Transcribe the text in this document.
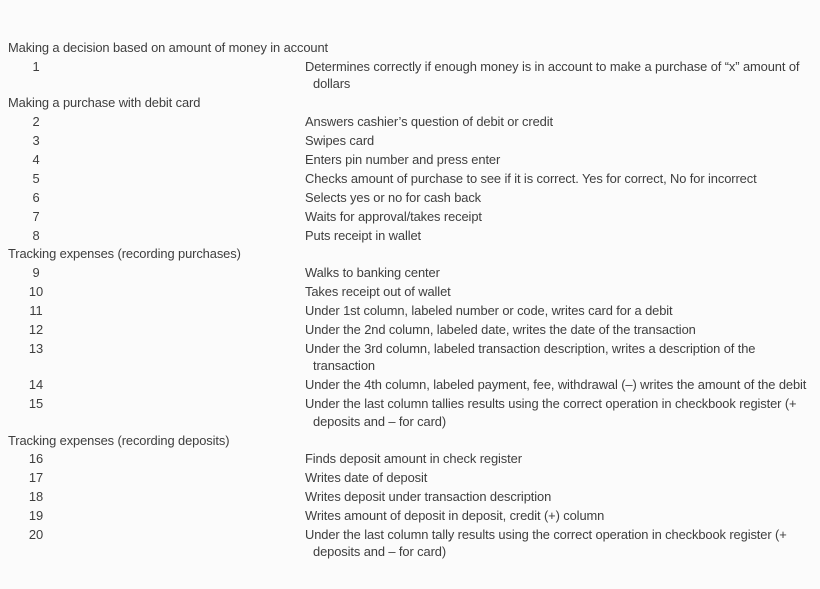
Making a decision based on amount of money in account
1	Determines correctly if enough money is in account to make a purchase of “x” amount of dollars
Making a purchase with debit card
2	Answers cashier’s question of debit or credit
3	Swipes card
4	Enters pin number and press enter
5	Checks amount of purchase to see if it is correct. Yes for correct, No for incorrect
6	Selects yes or no for cash back
7	Waits for approval/takes receipt
8	Puts receipt in wallet
Tracking expenses (recording purchases)
9	Walks to banking center
10	Takes receipt out of wallet
11	Under 1st column, labeled number or code, writes card for a debit
12	Under the 2nd column, labeled date, writes the date of the transaction
13	Under the 3rd column, labeled transaction description, writes a description of the transaction
14	Under the 4th column, labeled payment, fee, withdrawal (–) writes the amount of the debit
15	Under the last column tallies results using the correct operation in checkbook register (+ deposits and – for card)
Tracking expenses (recording deposits)
16	Finds deposit amount in check register
17	Writes date of deposit
18	Writes deposit under transaction description
19	Writes amount of deposit in deposit, credit (+) column
20	Under the last column tally results using the correct operation in checkbook register (+ deposits and – for card)
